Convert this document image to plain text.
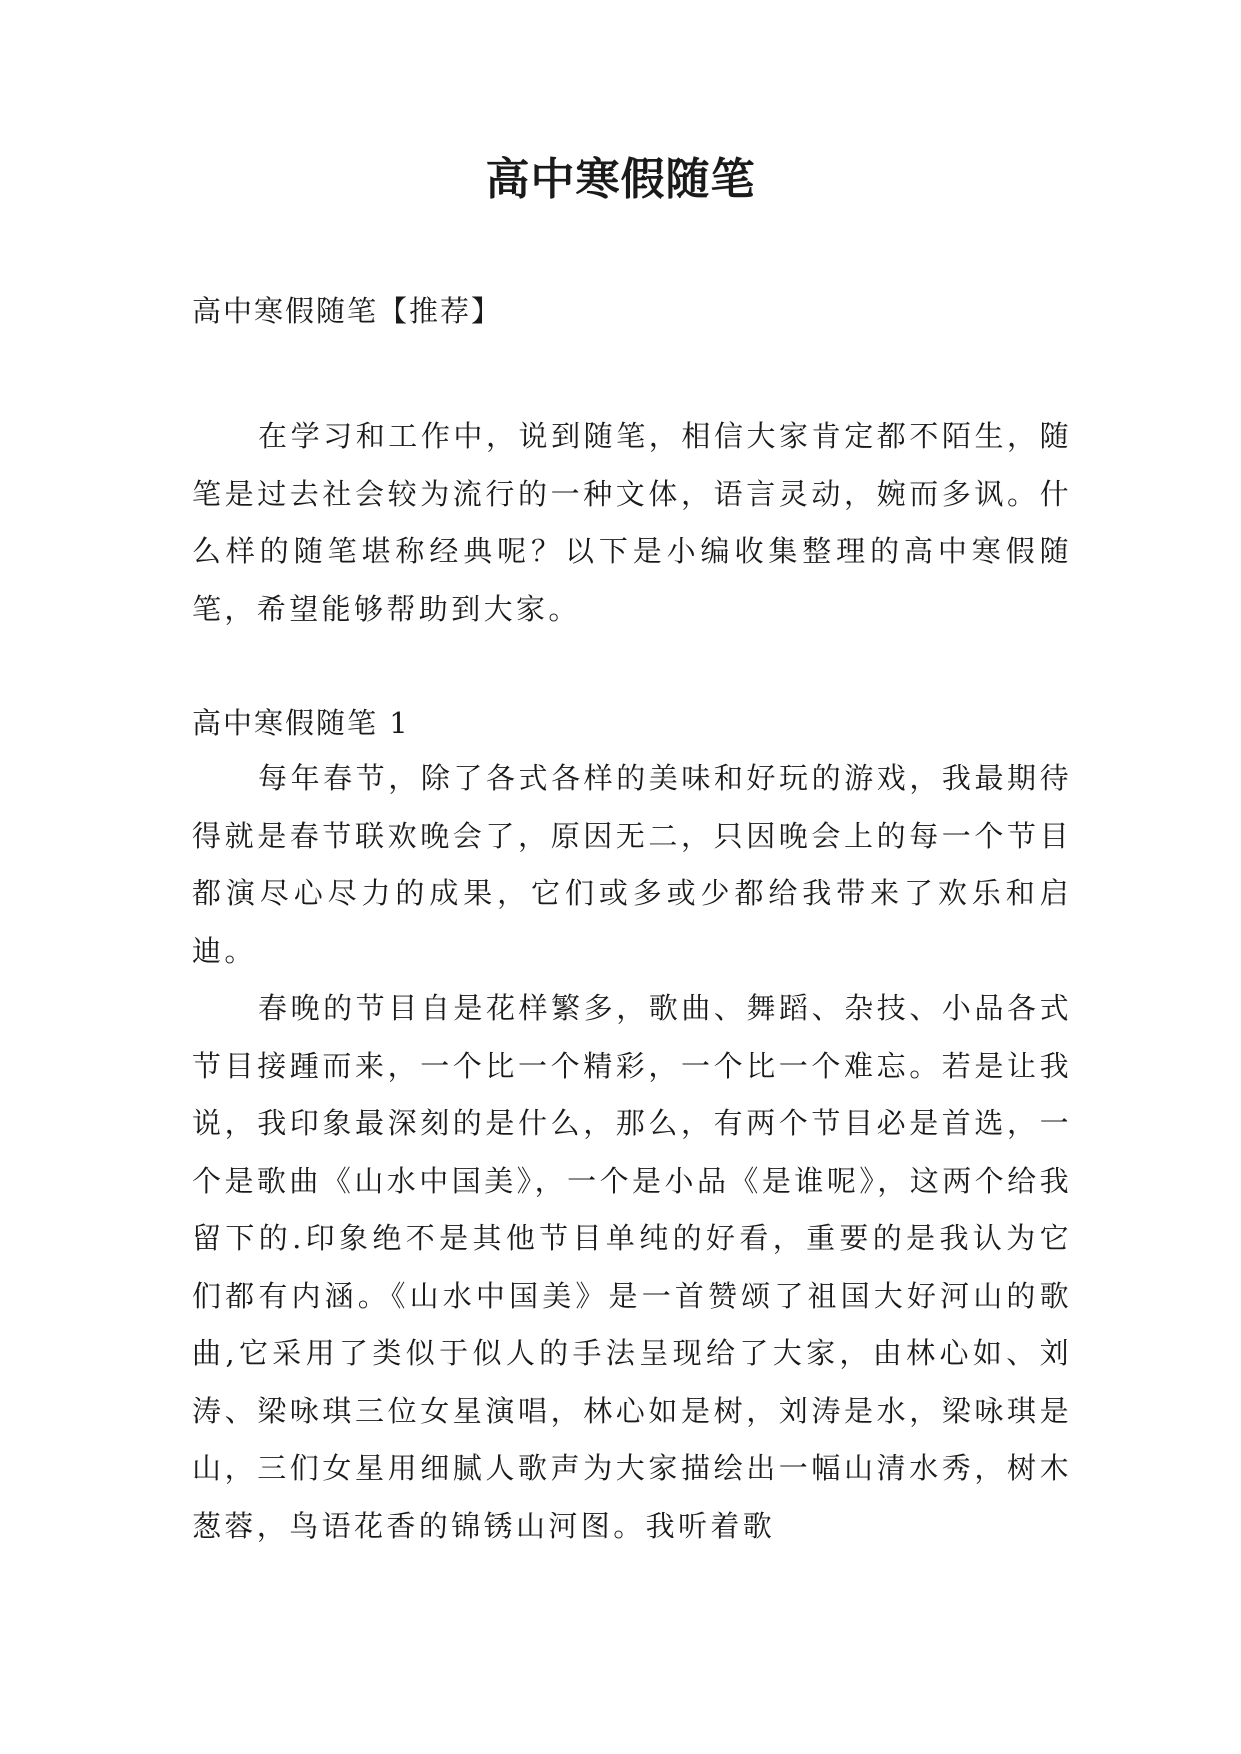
高中寒假随笔

高中寒假随笔【推荐】

在学习和工作中，说到随笔，相信大家肯定都不陌生，随笔是过去社会较为流行的一种文体，语言灵动，婉而多讽。什么样的随笔堪称经典呢？以下是小编收集整理的高中寒假随笔，希望能够帮助到大家。

高中寒假随笔 1

每年春节，除了各式各样的美味和好玩的游戏，我最期待得就是春节联欢晚会了，原因无二，只因晚会上的每一个节目都演尽心尽力的成果，它们或多或少都给我带来了欢乐和启迪。

春晚的节目自是花样繁多，歌曲、舞蹈、杂技、小品各式节目接踵而来，一个比一个精彩，一个比一个难忘。若是让我说，我印象最深刻的是什么，那么，有两个节目必是首选，一个是歌曲《山水中国美》，一个是小品《是谁呢》，这两个给我留下的.印象绝不是其他节目单纯的好看，重要的是我认为它们都有内涵。《山水中国美》是一首赞颂了祖国大好河山的歌曲,它采用了类似于似人的手法呈现给了大家，由林心如、刘涛、梁咏琪三位女星演唱，林心如是树，刘涛是水，梁咏琪是山，三们女星用细腻人歌声为大家描绘出一幅山清水秀，树木葱蓉，鸟语花香的锦锈山河图。我听着歌
